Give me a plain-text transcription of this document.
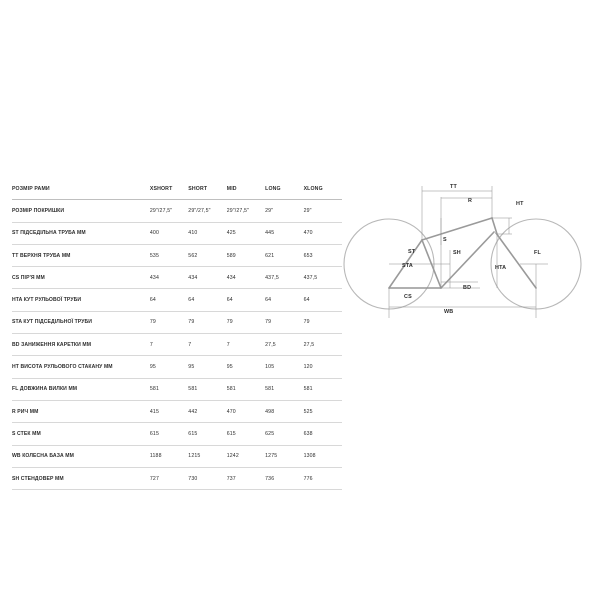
РОЗМІР РАМИ	XSHORT	SHORT	MID	LONG	XLONG
РОЗМІР ПОКРИШКИ	29"/27,5"	29"/27,5"	29"/27,5"	29"	29"
ST ПІДСЕДІЛЬНА ТРУБА ММ	400	410	425	445	470
TT ВЕРХНЯ ТРУБА ММ	535	562	589	621	653
CS ПІР'Я ММ	434	434	434	437,5	437,5
HTA КУТ РУЛЬОВОЇ ТРУБИ	64	64	64	64	64
STA КУТ ПІДСЕДІЛЬНОЇ ТРУБИ	79	79	79	79	79
BD ЗАНИЖЕННЯ КАРЕТКИ ММ	7	7	7	27,5	27,5
HT ВИСОТА РУЛЬОВОГО СТАКАНУ ММ	95	95	95	105	120
FL ДОВЖИНА ВИЛКИ ММ	581	581	581	581	581
R РИЧ ММ	415	442	470	498	525
S СТЕК ММ	615	615	615	625	638
WB КОЛЕСНА БАЗА ММ	1188	1215	1242	1275	1308
SH СТЕНДОВЕР ММ	727	730	737	736	776
TT
R	HT
ST
S
SH	FL
STA	HTA
BD
CS
WB
